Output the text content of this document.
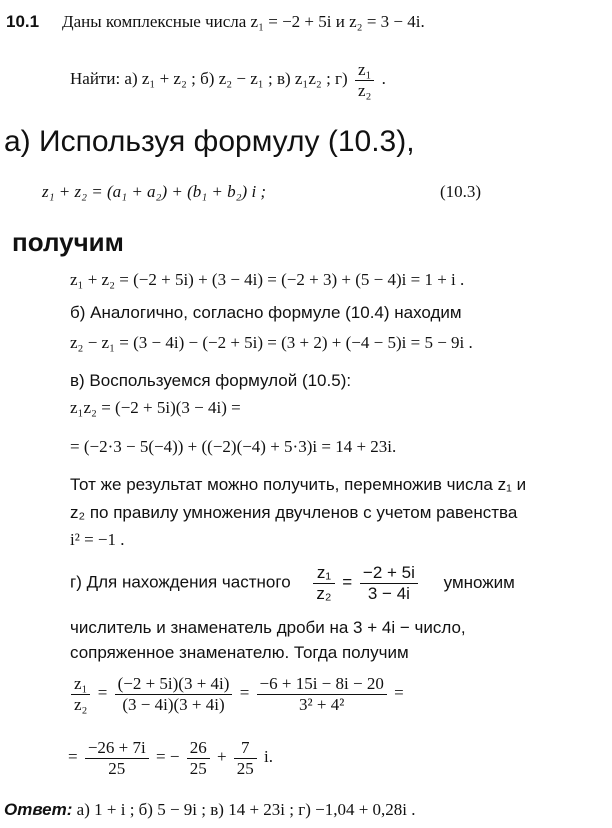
10.1 Даны комплексные числа z₁ = −2 + 5i и z₂ = 3 − 4i.
Найти: а) z₁ + z₂ ; б) z₂ − z₁ ; в) z₁z₂ ; $г) \frac{\text{z₁}}{\text{z₂}}$ .
а) Используя формулу (10.3),
z₁ + z₂ = (a₁ + a₂) + (b₁ + b₂) i ;	(10.3)
получим
z₁ + z₂ = (−2 + 5i) + (3 − 4i) = (−2 + 3) + (5 − 4)i = 1 + i .
б) Аналогично, согласно формуле (10.4) находим
z₂ − z₁ = (3 − 4i) − (−2 + 5i) = (3 + 2) + (−4 − 5)i = 5 − 9i .
в) Воспользуемся формулой (10.5):
z₁z₂ = (−2 + 5i)(3 − 4i) =
= (−2·3 − 5(−4)) + ((−2)(−4) + 5·3)i = 14 + 23i.
Тот же результат можно получить, перемножив числа z₁ и
z₂ по правилу умножения двучленов с учетом равенства
i² = −1 .
г) Для нахождения частного $\frac{\text{z₁}}{\text{z₂}} = \frac{-2 + 5i}{3 - 4i}$ умножим
числитель и знаменатель дроби на 3 + 4i − число,
сопряженное знаменателю. Тогда получим
$\frac{\text{z₁}}{\text{z₂}} = \frac{(-2 + 5i)(3 + 4i)}{(3 - 4i)(3 + 4i)} = \frac{-6 + 15i - 8i - 20}{\text{3² + 4²}}$ =
= $\frac{-26 + 7i}{25}$ = − $\frac{26}{25} + \frac{7}{25} i$.
Ответ: а) 1 + i ; б) 5 − 9i ; в) 14 + 23i ; г) −1,04 + 0,28i .
